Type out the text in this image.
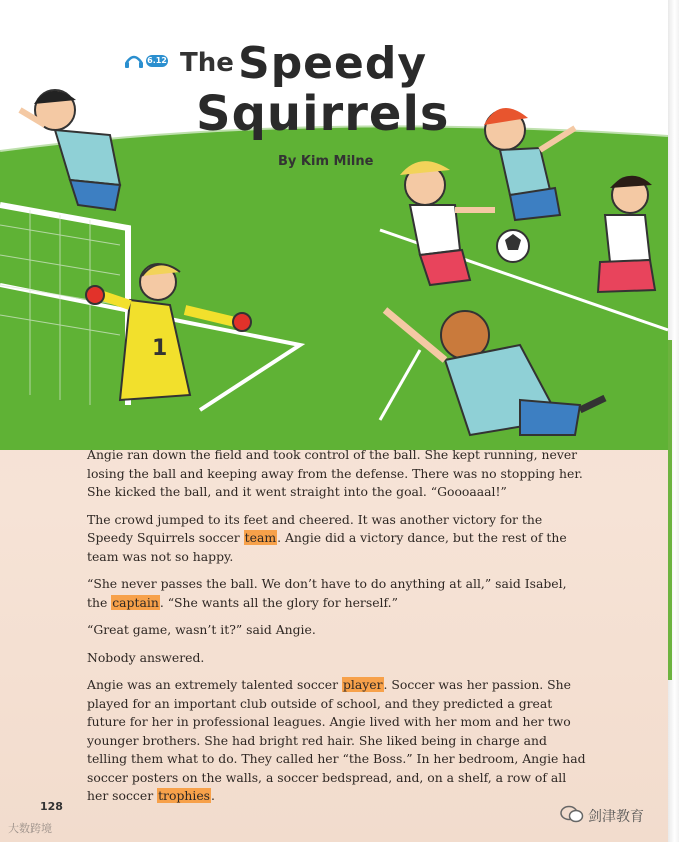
1
6.12 The Speedy
Squirrels
By Kim Milne

Angie ran down the field and took control of the ball. She kept running, never losing the ball and keeping away from the defense. There was no stopping her. She kicked the ball, and it went straight into the goal. “Goooaaal!”

The crowd jumped to its feet and cheered. It was another victory for the Speedy Squirrels soccer team. Angie did a victory dance, but the rest of the team was not so happy.

“She never passes the ball. We don’t have to do anything at all,” said Isabel, the captain. “She wants all the glory for herself.”

“Great game, wasn’t it?” said Angie.

Nobody answered.

Angie was an extremely talented soccer player. Soccer was her passion. She played for an important club outside of school, and they predicted a great future for her in professional leagues. Angie lived with her mom and her two younger brothers. She had bright red hair. She liked being in charge and telling them what to do. They called her “the Boss.” In her bedroom, Angie had soccer posters on the walls, a soccer bedspread, and, on a shelf, a row of all her soccer trophies.

128
大数跨境
剑津教育
